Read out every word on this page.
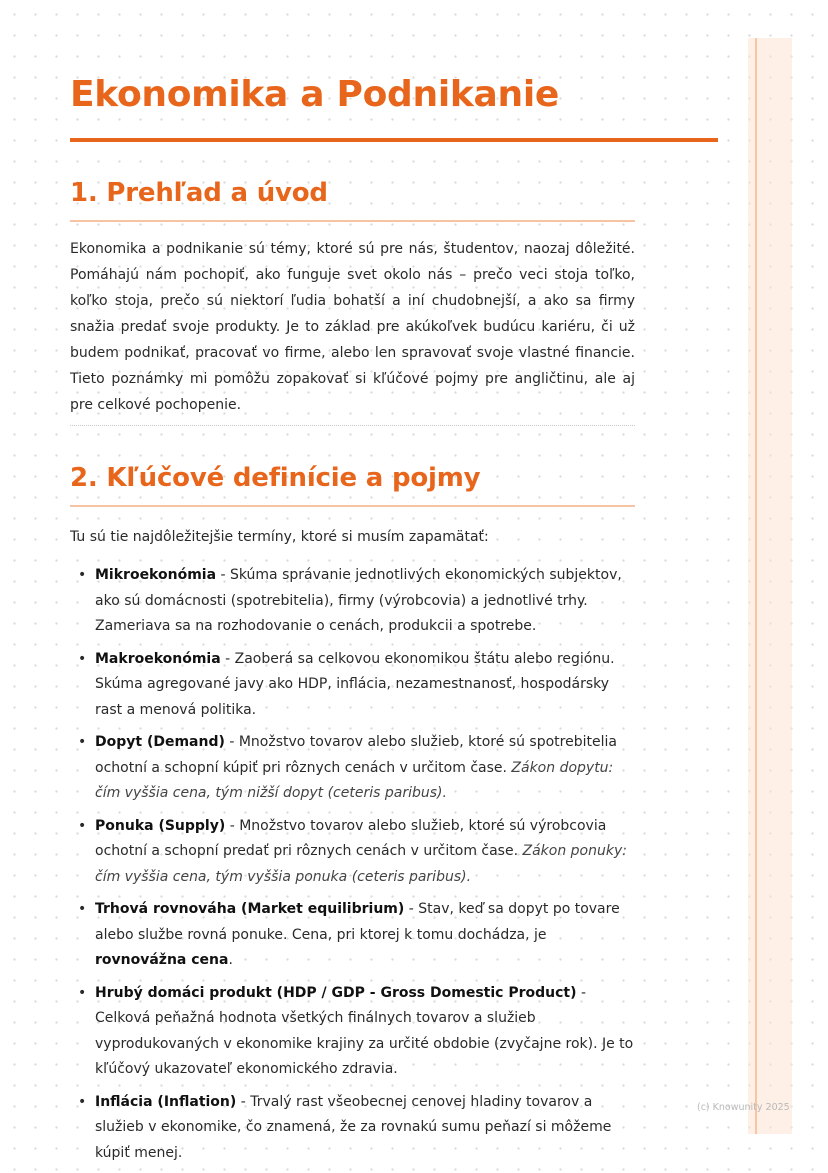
Ekonomika a Podnikanie
1. Prehľad a úvod

Ekonomika a podnikanie sú témy, ktoré sú pre nás, študentov, naozaj dôležité. Pomáhajú nám pochopiť, ako funguje svet okolo nás – prečo veci stoja toľko, koľko stoja, prečo sú niektorí ľudia bohatší a iní chudobnejší, a ako sa firmy snažia predať svoje produkty. Je to základ pre akúkoľvek budúcu kariéru, či už budem podnikať, pracovať vo firme, alebo len spravovať svoje vlastné financie. Tieto poznámky mi pomôžu zopakovať si kľúčové pojmy pre angličtinu, ale aj pre celkové pochopenie.

2. Kľúčové definície a pojmy

Tu sú tie najdôležitejšie termíny, ktoré si musím zapamätať:

• Mikroekonómia - Skúma správanie jednotlivých ekonomických subjektov, ako sú domácnosti (spotrebitelia), firmy (výrobcovia) a jednotlivé trhy. Zameriava sa na rozhodovanie o cenách, produkcii a spotrebe.
• Makroekonómia - Zaoberá sa celkovou ekonomikou štátu alebo regiónu. Skúma agregované javy ako HDP, inflácia, nezamestnanosť, hospodársky rast a menová politika.
• Dopyt (Demand) - Množstvo tovarov alebo služieb, ktoré sú spotrebitelia ochotní a schopní kúpiť pri rôznych cenách v určitom čase. Zákon dopytu: čím vyššia cena, tým nižší dopyt (ceteris paribus).
• Ponuka (Supply) - Množstvo tovarov alebo služieb, ktoré sú výrobcovia ochotní a schopní predať pri rôznych cenách v určitom čase. Zákon ponuky: čím vyššia cena, tým vyššia ponuka (ceteris paribus).
• Trhová rovnováha (Market equilibrium) - Stav, keď sa dopyt po tovare alebo službe rovná ponuke. Cena, pri ktorej k tomu dochádza, je rovnovážna cena.
• Hrubý domáci produkt (HDP / GDP - Gross Domestic Product) - Celková peňažná hodnota všetkých finálnych tovarov a služieb vyprodukovaných v ekonomike krajiny za určité obdobie (zvyčajne rok). Je to kľúčový ukazovateľ ekonomického zdravia.
• Inflácia (Inflation) - Trvalý rast všeobecnej cenovej hladiny tovarov a služieb v ekonomike, čo znamená, že za rovnakú sumu peňazí si môžeme kúpiť menej.
(c) Knowunity 2025
